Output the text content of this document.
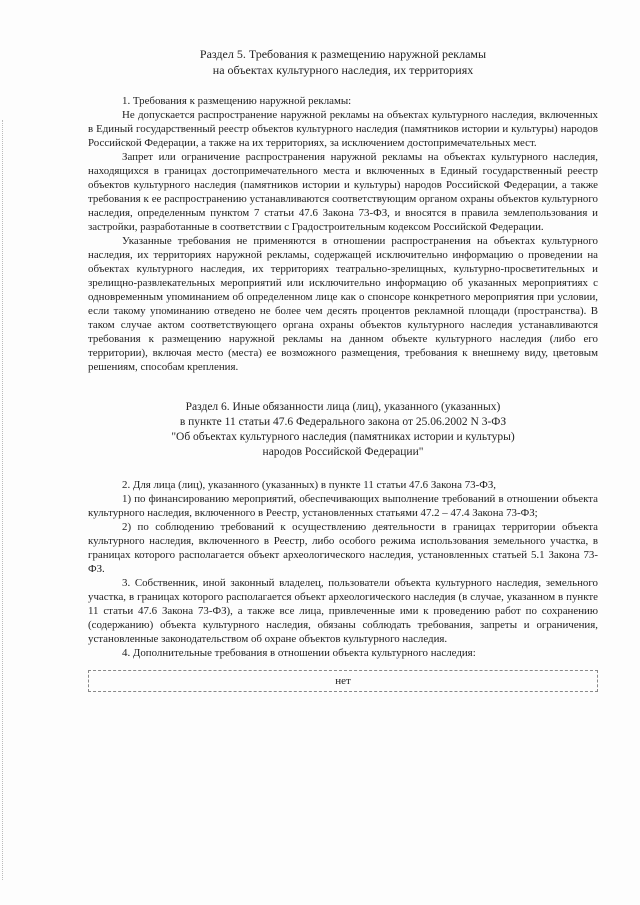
Раздел 5. Требования к размещению наружной рекламы
на объектах культурного наследия, их территориях

1. Требования к размещению наружной рекламы:

Не допускается распространение наружной рекламы на объектах культурного наследия, включенных в Единый государственный реестр объектов культурного наследия (памятников истории и культуры) народов Российской Федерации, а также на их территориях, за исключением достопримечательных мест.

Запрет или ограничение распространения наружной рекламы на объектах культурного наследия, находящихся в границах достопримечательного места и включенных в Единый государственный реестр объектов культурного наследия (памятников истории и культуры) народов Российской Федерации, а также требования к ее распространению устанавливаются соответствующим органом охраны объектов культурного наследия, определенным пунктом 7 статьи 47.6 Закона 73-ФЗ, и вносятся в правила землепользования и застройки, разработанные в соответствии с Градостроительным кодексом Российской Федерации.

Указанные требования не применяются в отношении распространения на объектах культурного наследия, их территориях наружной рекламы, содержащей исключительно информацию о проведении на объектах культурного наследия, их территориях театрально-зрелищных, культурно-просветительных и зрелищно-развлекательных мероприятий или исключительно информацию об указанных мероприятиях с одновременным упоминанием об определенном лице как о спонсоре конкретного мероприятия при условии, если такому упоминанию отведено не более чем десять процентов рекламной площади (пространства). В таком случае актом соответствующего органа охраны объектов культурного наследия устанавливаются требования к размещению наружной рекламы на данном объекте культурного наследия (либо его территории), включая место (места) ее возможного размещения, требования к внешнему виду, цветовым решениям, способам крепления.

Раздел 6. Иные обязанности лица (лиц), указанного (указанных)
в пункте 11 статьи 47.6 Федерального закона от 25.06.2002 N 3-ФЗ
"Об объектах культурного наследия (памятниках истории и культуры)
народов Российской Федерации"

2. Для лица (лиц), указанного (указанных) в пункте 11 статьи 47.6 Закона 73-ФЗ,

1) по финансированию мероприятий, обеспечивающих выполнение требований в отношении объекта культурного наследия, включенного в Реестр, установленных статьями 47.2 – 47.4 Закона 73-ФЗ;

2) по соблюдению требований к осуществлению деятельности в границах территории объекта культурного наследия, включенного в Реестр, либо особого режима использования земельного участка, в границах которого располагается объект археологического наследия, установленных статьей 5.1 Закона 73-ФЗ.

3. Собственник, иной законный владелец, пользователи объекта культурного наследия, земельного участка, в границах которого располагается объект археологического наследия (в случае, указанном в пункте 11 статьи 47.6 Закона 73-ФЗ), а также все лица, привлеченные ими к проведению работ по сохранению (содержанию) объекта культурного наследия, обязаны соблюдать требования, запреты и ограничения, установленные законодательством об охране объектов культурного наследия.

4. Дополнительные требования в отношении объекта культурного наследия:

нет
